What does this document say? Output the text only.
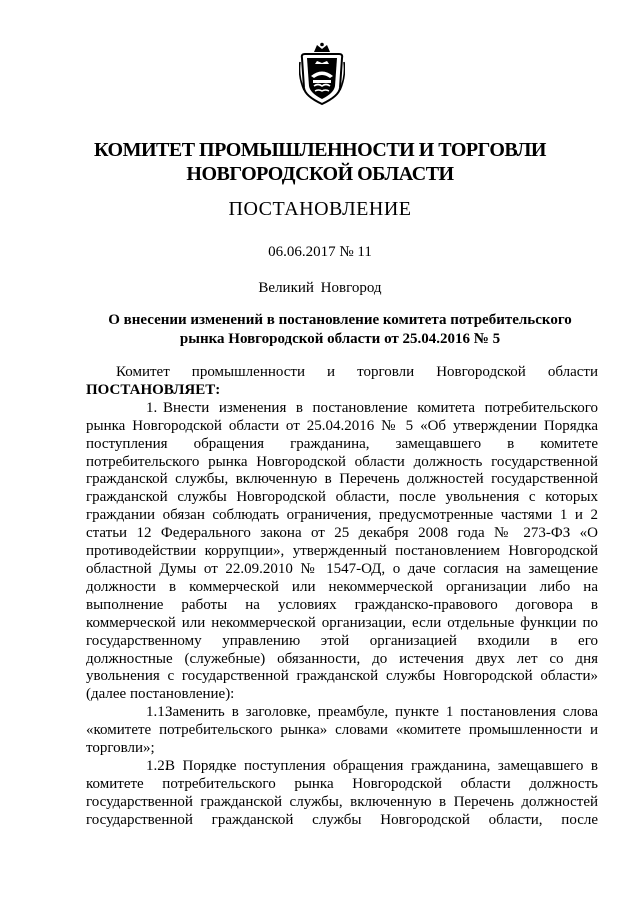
КОМИТЕТ ПРОМЫШЛЕННОСТИ И ТОРГОВЛИ
НОВГОРОДСКОЙ ОБЛАСТИ
ПОСТАНОВЛЕНИЕ
06.06.2017 № 11
Великий Новгород
О внесении изменений в постановление комитета потребительского
рынка Новгородской области от 25.04.2016 № 5

Комитет промышленности и торговли Новгородской области

ПОСТАНОВЛЯЕТ:

1. Внести изменения в постановление комитета потребительского

рынка Новгородской области от 25.04.2016 № 5 «Об утверждении Порядка

поступления обращения гражданина, замещавшего в комитете

потребительского рынка Новгородской области должность государственной

гражданской службы, включенную в Перечень должностей государственной

гражданской службы Новгородской области, после увольнения с которых

граждании обязан соблюдать ограничения, предусмотренные частями 1 и 2

статьи 12 Федерального закона от 25 декабря 2008 года № 273-ФЗ «О

противодействии коррупции», утвержденный постановлением Новгородской

областной Думы от 22.09.2010 № 1547-ОД, о даче согласия на замещение

должности в коммерческой или некоммерческой организации либо на

выполнение работы на условиях гражданско-правового договора в

коммерческой или некоммерческой организации, если отдельные функции по

государственному управлению этой организацией входили в его

должностные (служебные) обязанности, до истечения двух лет со дня

увольнения с государственной гражданской службы Новгородской области»

(далее постановление):

1.1.Заменить в заголовке, преамбуле, пункте 1 постановления слова

«комитете потребительского рынка» словами «комитете промышленности и

торговли»;

1.2.В Порядке поступления обращения гражданина, замещавшего в

комитете потребительского рынка Новгородской области должность

государственной гражданской службы, включенную в Перечень должностей

государственной гражданской службы Новгородской области, после
